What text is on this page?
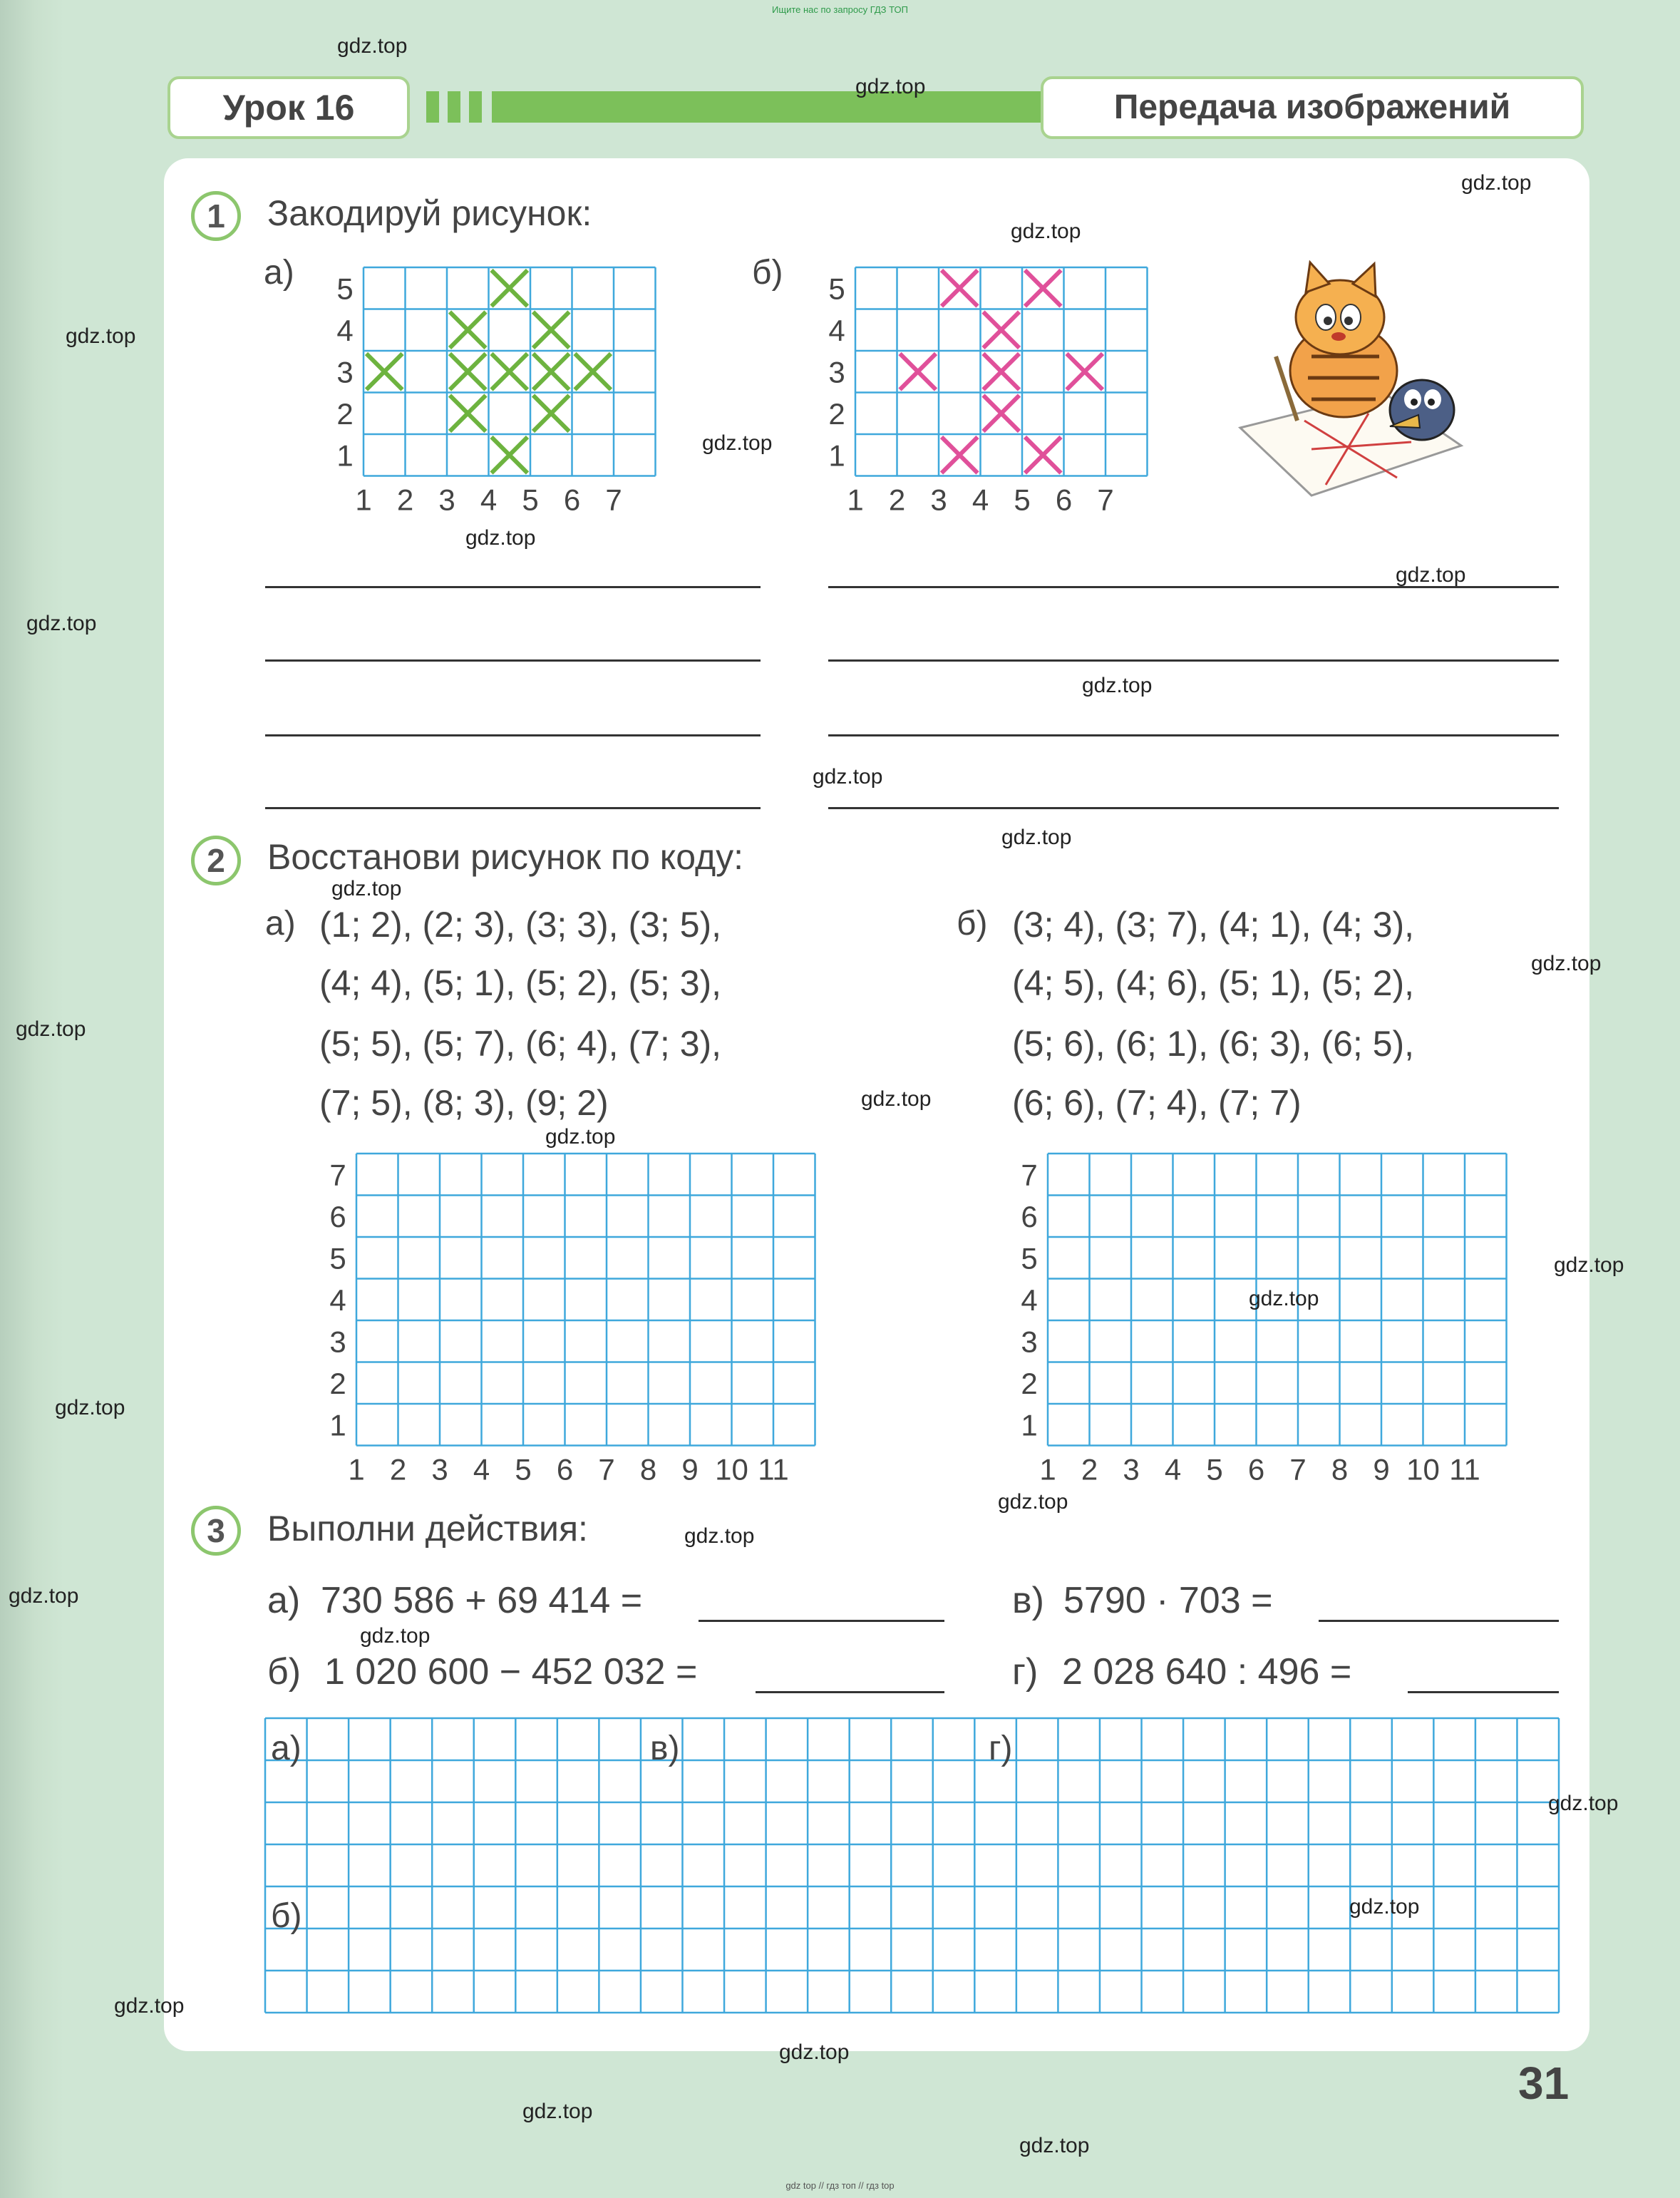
Ищите нас по запросу ГДЗ ТОП
Урок 16	Передача изображений
1	Закодируй рисунок:
а)	б)
1 2 3 4 5 6 7
5
4
3
2
1
1 2 3 4 5 6 7
5
4
3
2
1
2	Восстанови рисунок по коду:
а) (1; 2), (2; 3), (3; 3), (3; 5),
(4; 4), (5; 1), (5; 2), (5; 3),
(5; 5), (5; 7), (6; 4), (7; 3),
(7; 5), (8; 3), (9; 2)
б) (3; 4), (3; 7), (4; 1), (4; 3),
(4; 5), (4; 6), (5; 1), (5; 2),
(5; 6), (6; 1), (6; 3), (6; 5),
(6; 6), (7; 4), (7; 7)
1 2 3 4 5 6 7 8 9 10 11
7
6
5
4
3
2
1
1 2 3 4 5 6 7 8 9 10 11
7
6
5
4
3
2
1
3	Выполни действия:
а) 730 586 + 69 414 =
б) 1 020 600 − 452 032 =
в) 5790 · 703 =
г) 2 028 640 : 496 =
а)	в)	г)
б)
31
gdz.top
gdz.top
gdz.top
gdz.top
gdz.top
gdz.top
gdz.top
gdz.top
gdz.top
gdz.top
gdz.top
gdz.top
gdz.top
gdz.top
gdz.top
gdz.top
gdz.top
gdz.top
gdz.top
gdz.top
gdz.top
gdz.top
gdz.top
gdz.top
gdz.top
gdz.top
gdz.top
gdz.top
gdz.top
gdz.top
gdz top // гдз топ // гдз top
